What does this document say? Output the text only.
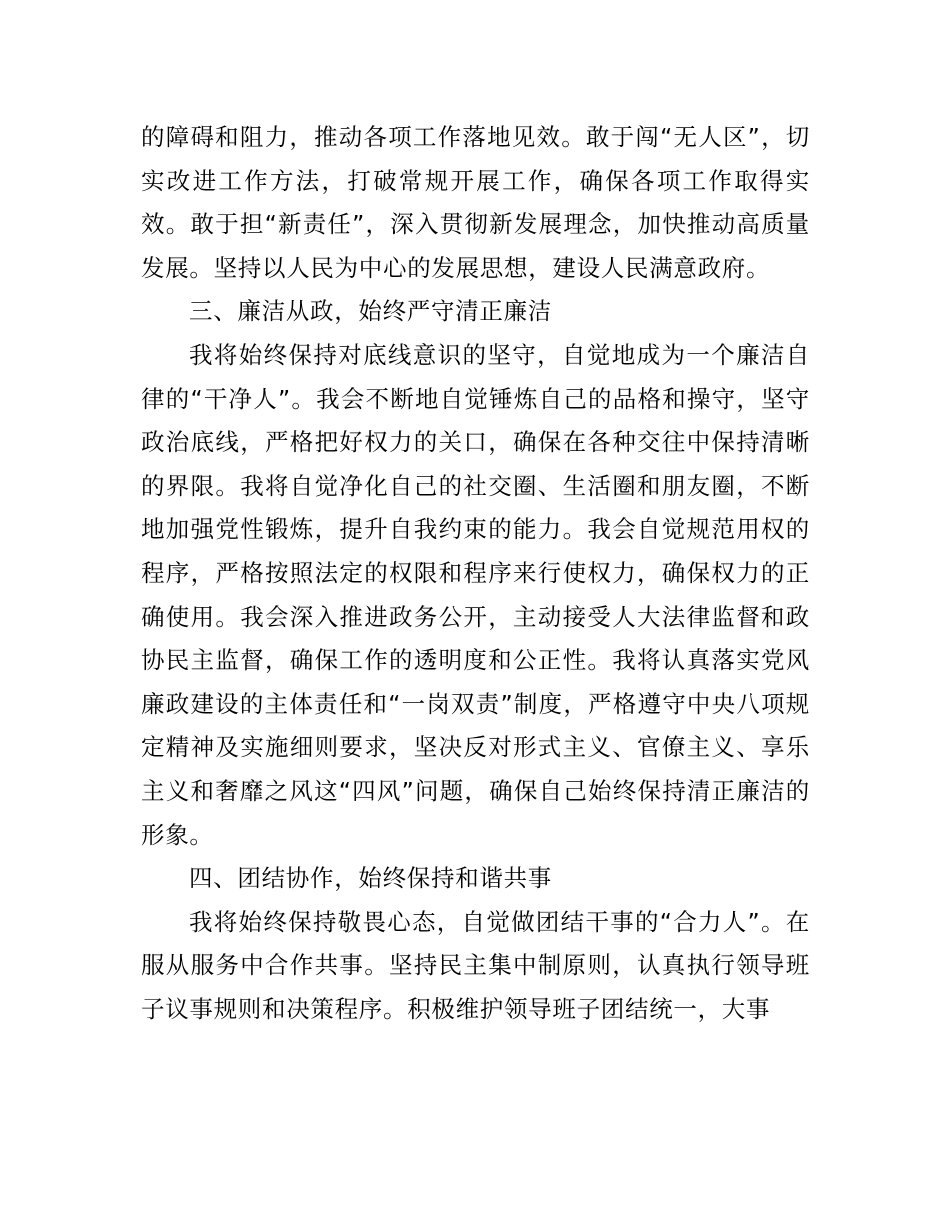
的障碍和阻力，推动各项工作落地见效。敢于闯“无人区”，切实改进工作方法，打破常规开展工作，确保各项工作取得实效。敢于担“新责任”，深入贯彻新发展理念，加快推动高质量发展。坚持以人民为中心的发展思想，建设人民满意政府。

三、廉洁从政，始终严守清正廉洁

我将始终保持对底线意识的坚守，自觉地成为一个廉洁自律的“干净人”。我会不断地自觉锤炼自己的品格和操守，坚守政治底线，严格把好权力的关口，确保在各种交往中保持清晰的界限。我将自觉净化自己的社交圈、生活圈和朋友圈，不断地加强党性锻炼，提升自我约束的能力。我会自觉规范用权的程序，严格按照法定的权限和程序来行使权力，确保权力的正确使用。我会深入推进政务公开，主动接受人大法律监督和政协民主监督，确保工作的透明度和公正性。我将认真落实党风廉政建设的主体责任和“一岗双责”制度，严格遵守中央八项规定精神及实施细则要求，坚决反对形式主义、官僚主义、享乐主义和奢靡之风这“四风”问题，确保自己始终保持清正廉洁的形象。

四、团结协作，始终保持和谐共事

我将始终保持敬畏心态，自觉做团结干事的“合力人”。在服从服务中合作共事。坚持民主集中制原则，认真执行领导班子议事规则和决策程序。积极维护领导班子团结统一，大事
